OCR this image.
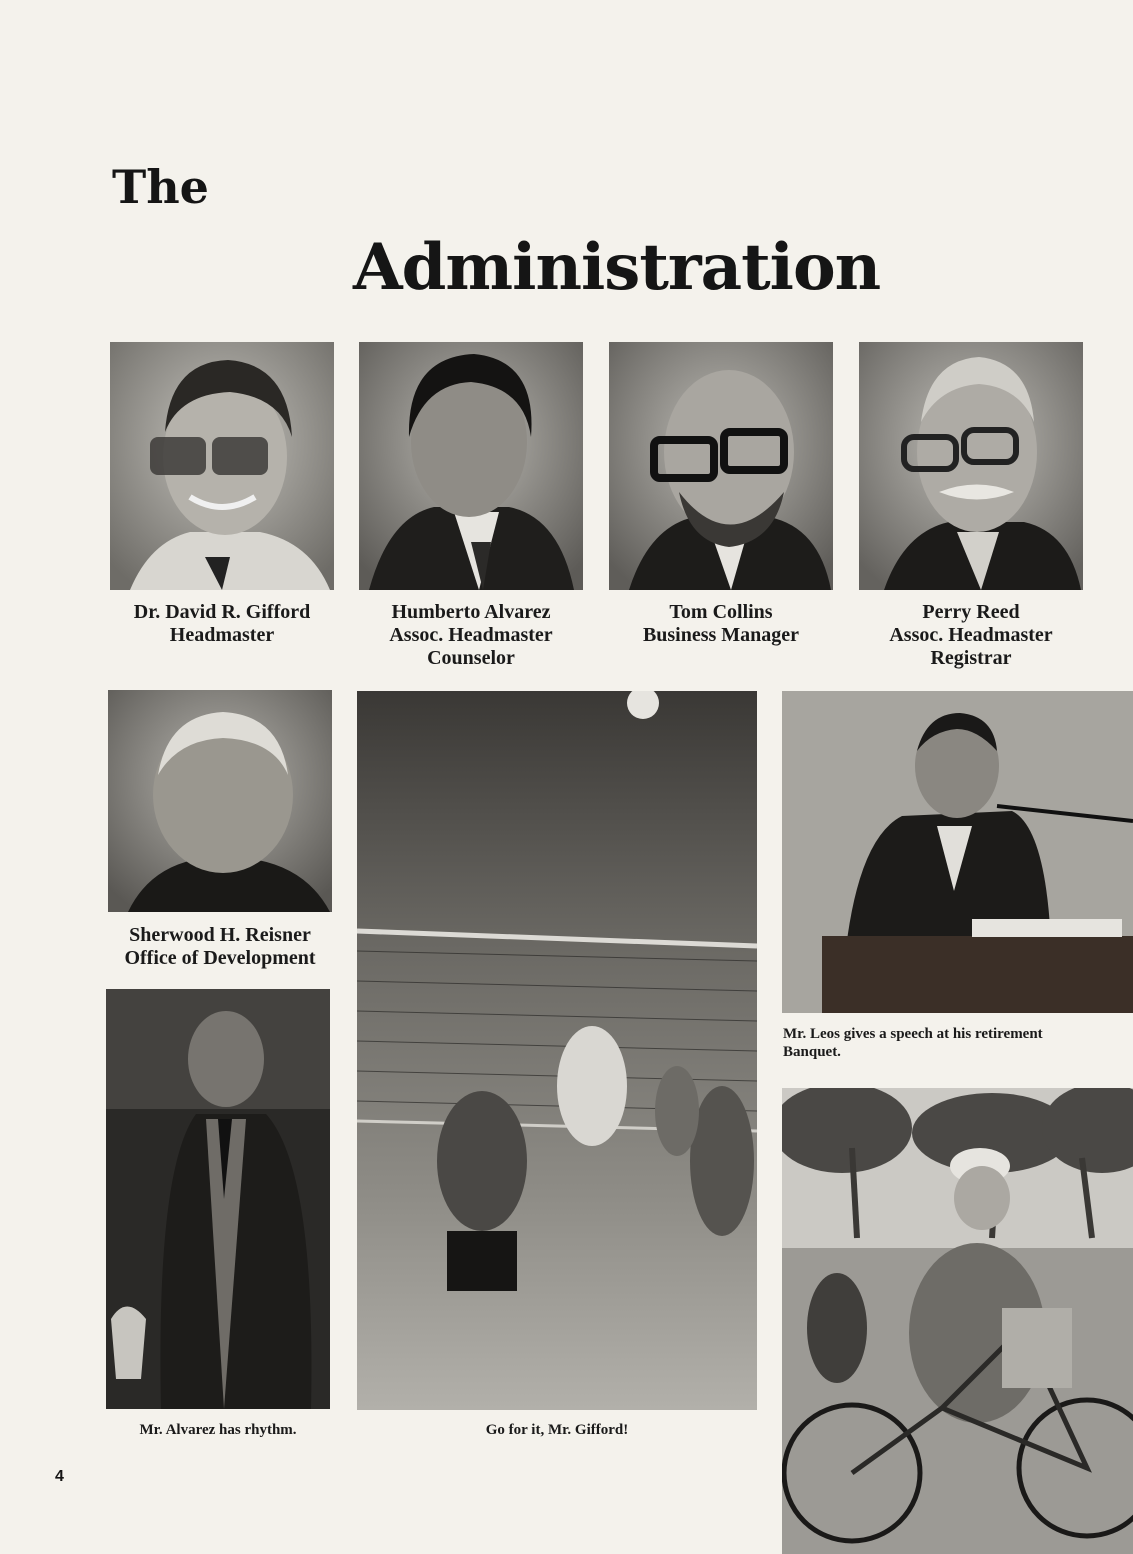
The
Administration
Dr. David R. Gifford
Headmaster
Humberto Alvarez
Assoc. Headmaster
Counselor
Tom Collins
Business Manager
Perry Reed
Assoc. Headmaster
Registrar
Sherwood H. Reisner
Office of Development
Mr. Leos gives a speech at his retirement
Banquet.
Mr. Alvarez has rhythm.	Go for it, Mr. Gifford!
4
